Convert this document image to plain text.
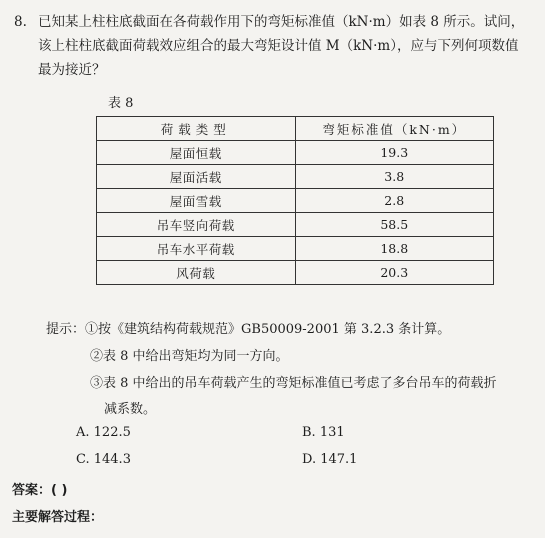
8. 已知某上柱柱底截面在各荷载作用下的弯矩标准值（kN·m）如表 8 所示。试问，
该上柱柱底截面荷载效应组合的最大弯矩设计值 M（kN·m），应与下列何项数值
最为接近？
表 8
荷载类型	弯矩标准值（kN·m）
屋面恒载	19.3
屋面活载	3.8
屋面雪载	2.8
吊车竖向荷载	58.5
吊车水平荷载	18.8
风荷载	20.3
提示：①按《建筑结构荷载规范》GB50009-2001 第 3.2.3 条计算。
②表 8 中给出弯矩均为同一方向。
③表 8 中给出的吊车荷载产生的弯矩标准值已考虑了多台吊车的荷载折
减系数。
A. 122.5	B. 131
C. 144.3	D. 147.1
答案：( )
主要解答过程：
